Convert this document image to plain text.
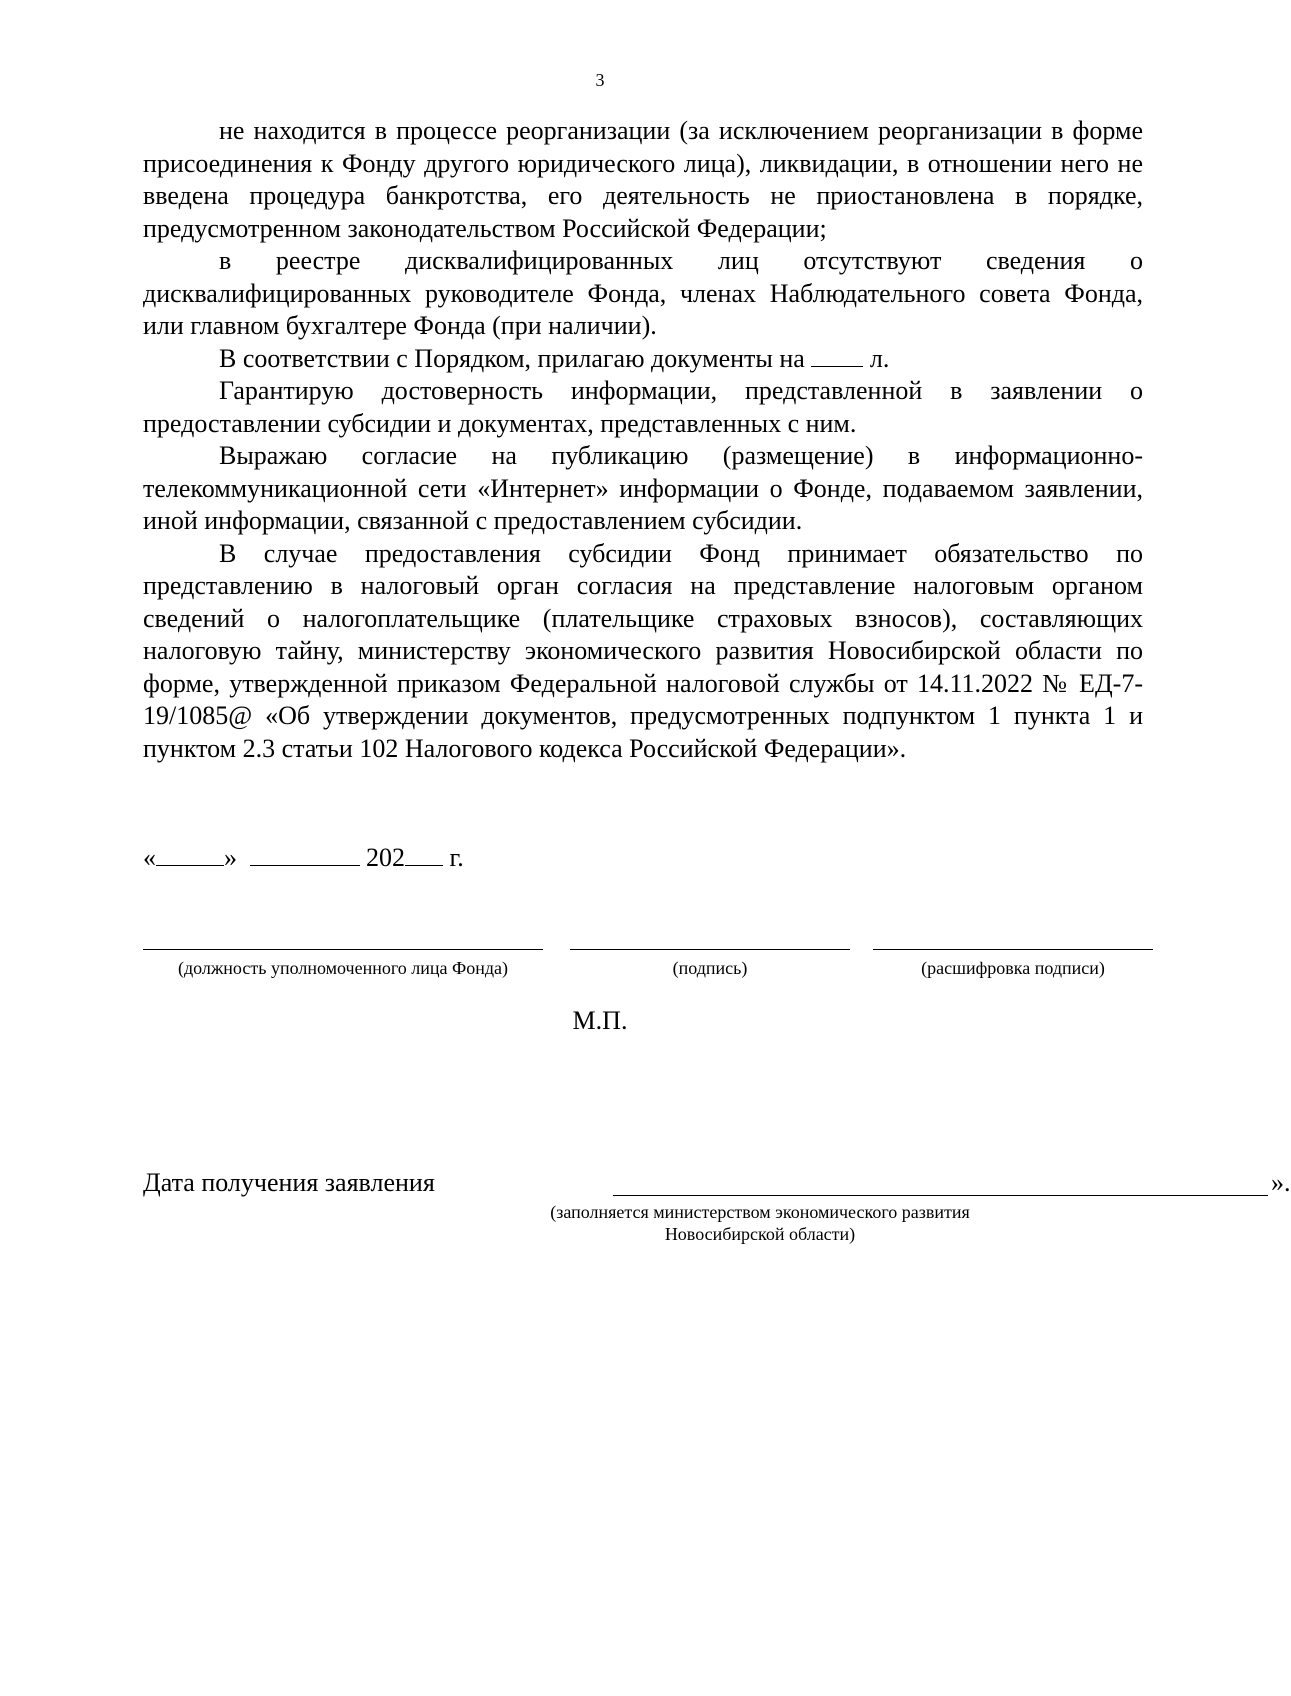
3

не находится в процессе реорганизации (за исключением реорганизации в форме присоединения к Фонду другого юридического лица), ликвидации, в отношении него не введена процедура банкротства, его деятельность не приостановлена в порядке, предусмотренном законодательством Российской Федерации;

в реестре дисквалифицированных лиц отсутствуют сведения о дисквалифицированных руководителе Фонда, членах Наблюдательного совета Фонда, или главном бухгалтере Фонда (при наличии).

В соответствии с Порядком, прилагаю документы на	л.

Гарантирую достоверность информации, представленной в заявлении о предоставлении субсидии и документах, представленных с ним.

Выражаю согласие на публикацию (размещение) в информационно-телекоммуникационной сети «Интернет» информации о Фонде, подаваемом заявлении, иной информации, связанной с предоставлением субсидии.

В случае предоставления субсидии Фонд принимает обязательство по представлению в налоговый орган согласия на представление налоговым органом сведений о налогоплательщике (плательщике страховых взносов), составляющих налоговую тайну, министерству экономического развития Новосибирской области по форме, утвержденной приказом Федеральной налоговой службы от 14.11.2022 № ЕД-7-19/1085@ «Об утверждении документов, предусмотренных подпунктом 1 пункта 1 и пунктом 2.3 статьи 102 Налогового кодекса Российской Федерации».

«	»	202 г.
(должность уполномоченного лица Фонда)	(подпись)	(расшифровка подписи)
М.П.
Дата получения заявления	».
(заполняется министерством экономического развития
Новосибирской области)
